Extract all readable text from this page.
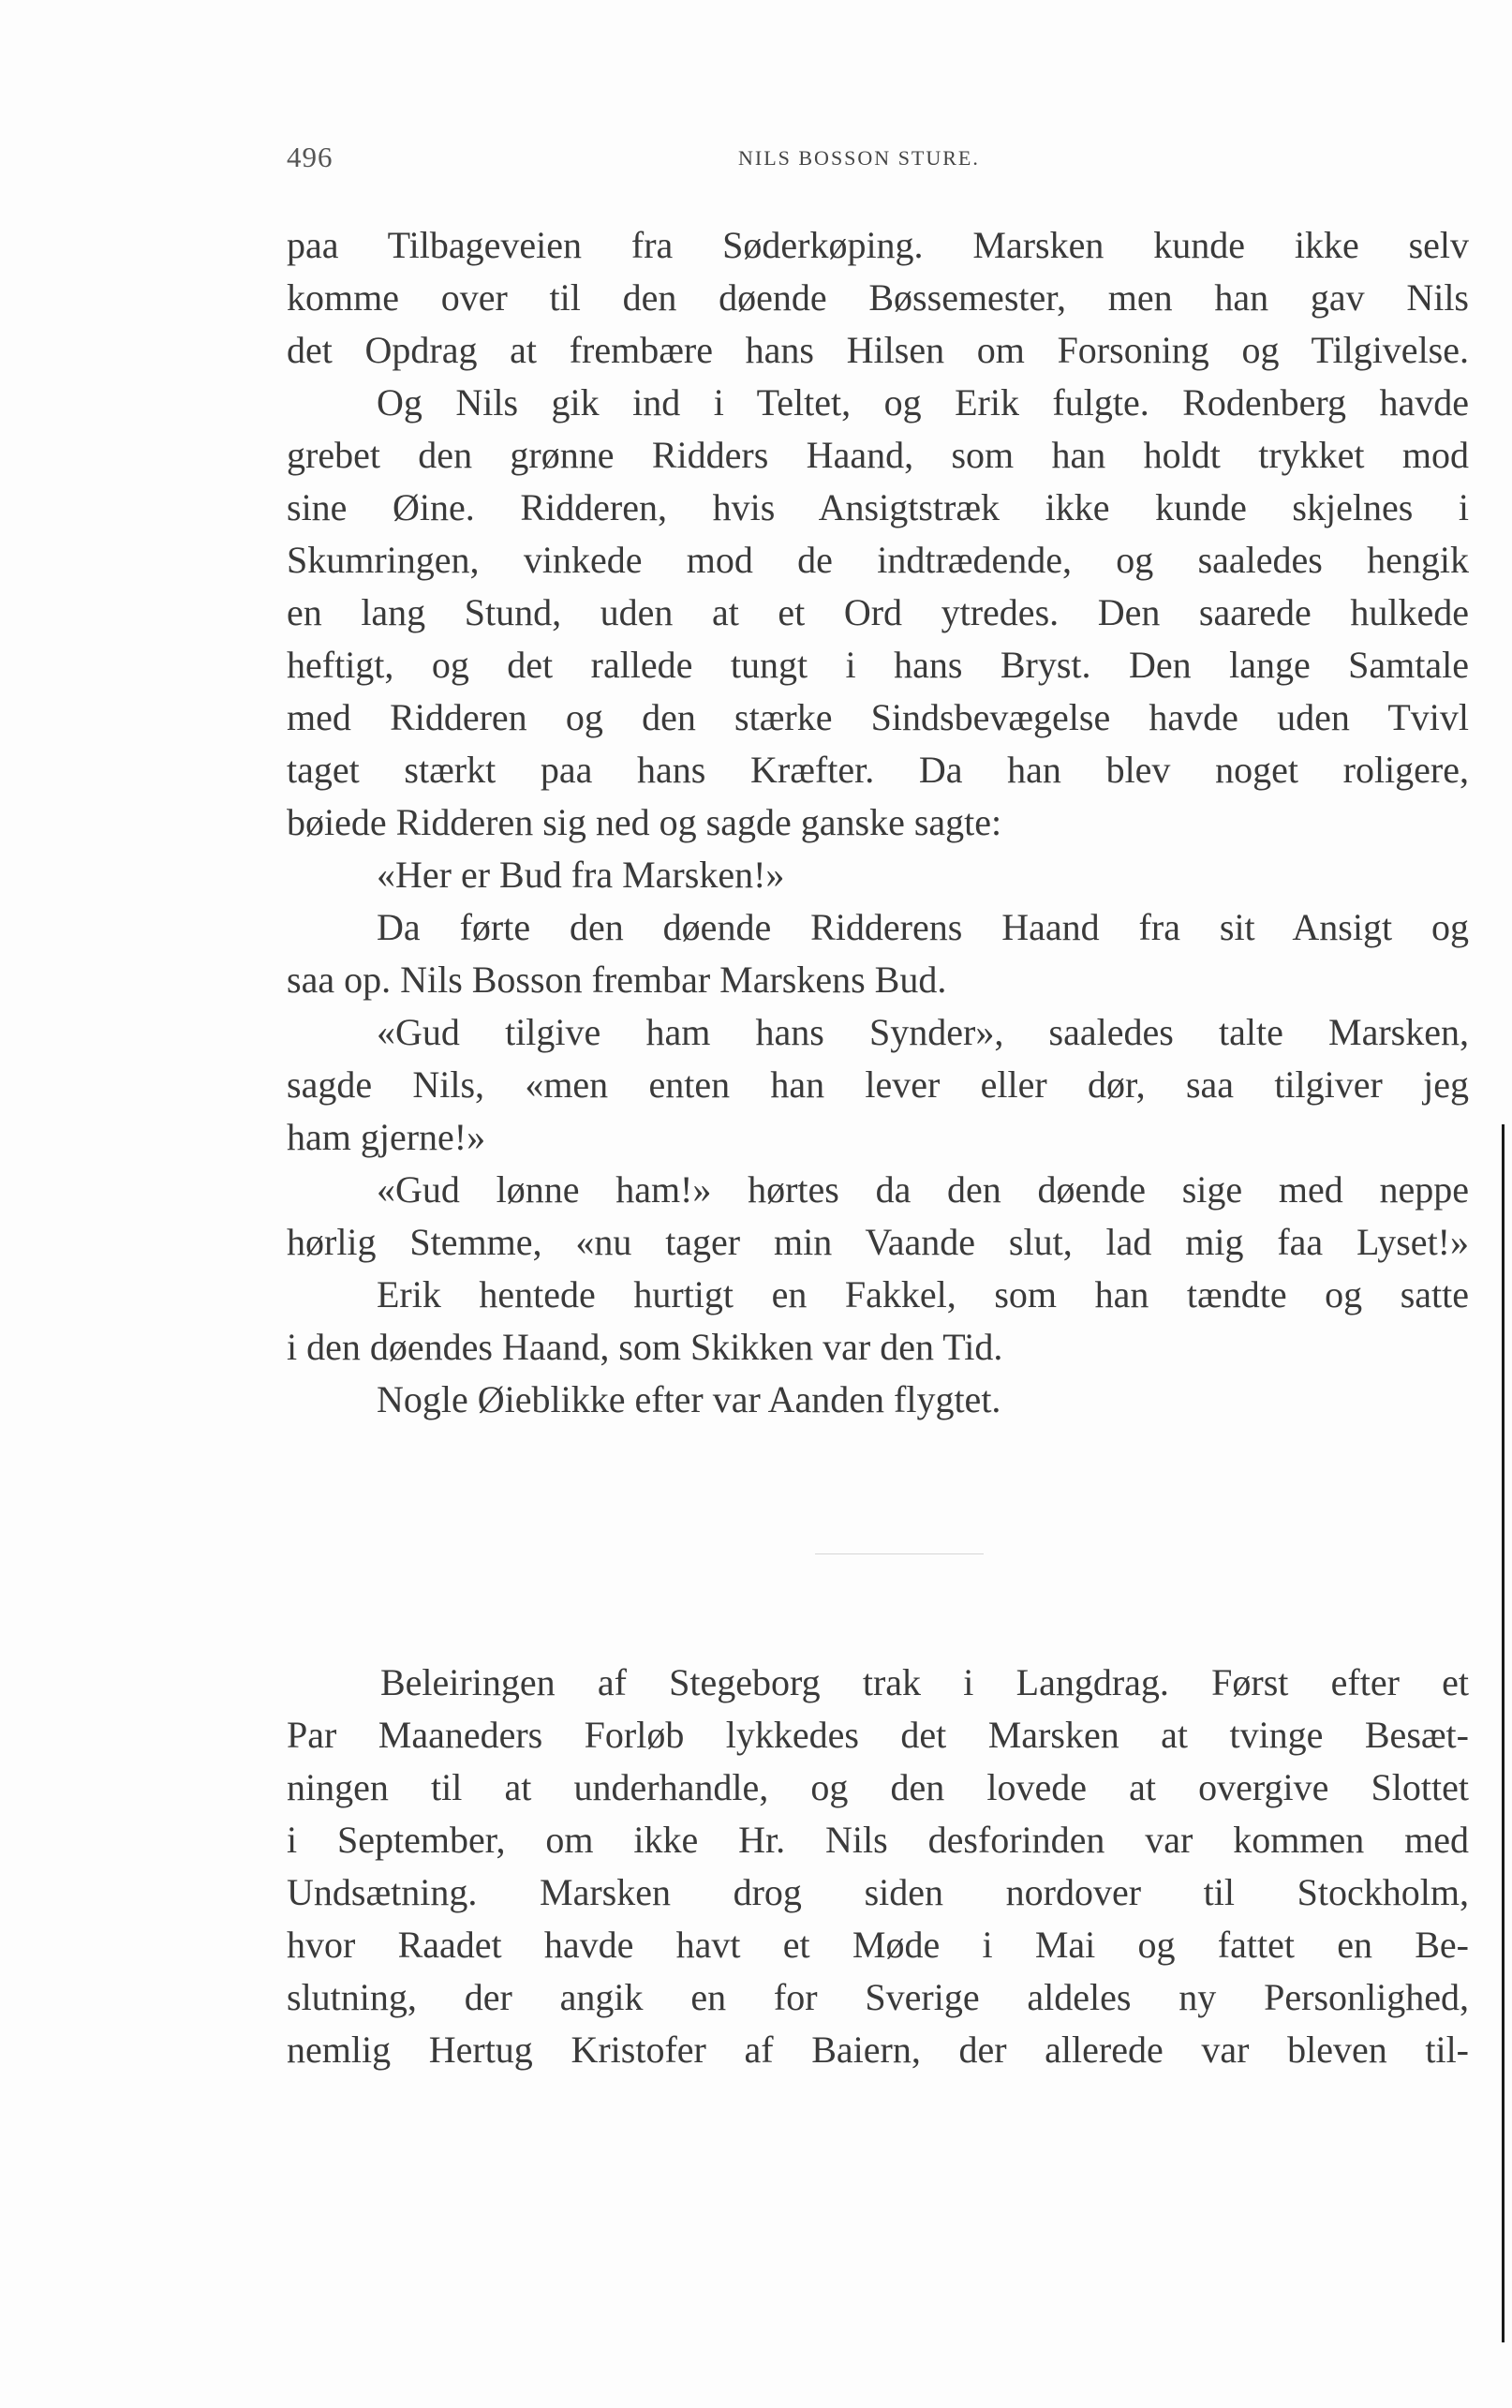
496	NILS BOSSON STURE.
paa Tilbageveien fra Søderkøping. Marsken kunde ikke selv
komme over til den døende Bøssemester, men han gav Nils
det Opdrag at frembære hans Hilsen om Forsoning og Tilgivelse.
Og Nils gik ind i Teltet, og Erik fulgte. Rodenberg havde
grebet den grønne Ridders Haand, som han holdt trykket mod
sine Øine. Ridderen, hvis Ansigtstræk ikke kunde skjelnes i
Skumringen, vinkede mod de indtrædende, og saaledes hengik
en lang Stund, uden at et Ord ytredes. Den saarede hulkede
heftigt, og det rallede tungt i hans Bryst. Den lange Samtale
med Ridderen og den stærke Sindsbevægelse havde uden Tvivl
taget stærkt paa hans Kræfter. Da han blev noget roligere,
bøiede Ridderen sig ned og sagde ganske sagte:
«Her er Bud fra Marsken!»
Da førte den døende Ridderens Haand fra sit Ansigt og
saa op. Nils Bosson frembar Marskens Bud.
«Gud tilgive ham hans Synder», saaledes talte Marsken,
sagde Nils, «men enten han lever eller dør, saa tilgiver jeg
ham gjerne!»
«Gud lønne ham!» hørtes da den døende sige med neppe
hørlig Stemme, «nu tager min Vaande slut, lad mig faa Lyset!»
Erik hentede hurtigt en Fakkel, som han tændte og satte
i den døendes Haand, som Skikken var den Tid.
Nogle Øieblikke efter var Aanden flygtet.
Beleiringen af Stegeborg trak i Langdrag. Først efter et
Par Maaneders Forløb lykkedes det Marsken at tvinge Besæt-
ningen til at underhandle, og den lovede at overgive Slottet
i September, om ikke Hr. Nils desforinden var kommen med
Undsætning. Marsken drog siden nordover til Stockholm,
hvor Raadet havde havt et Møde i Mai og fattet en Be-
slutning, der angik en for Sverige aldeles ny Personlighed,
nemlig Hertug Kristofer af Baiern, der allerede var bleven til-
